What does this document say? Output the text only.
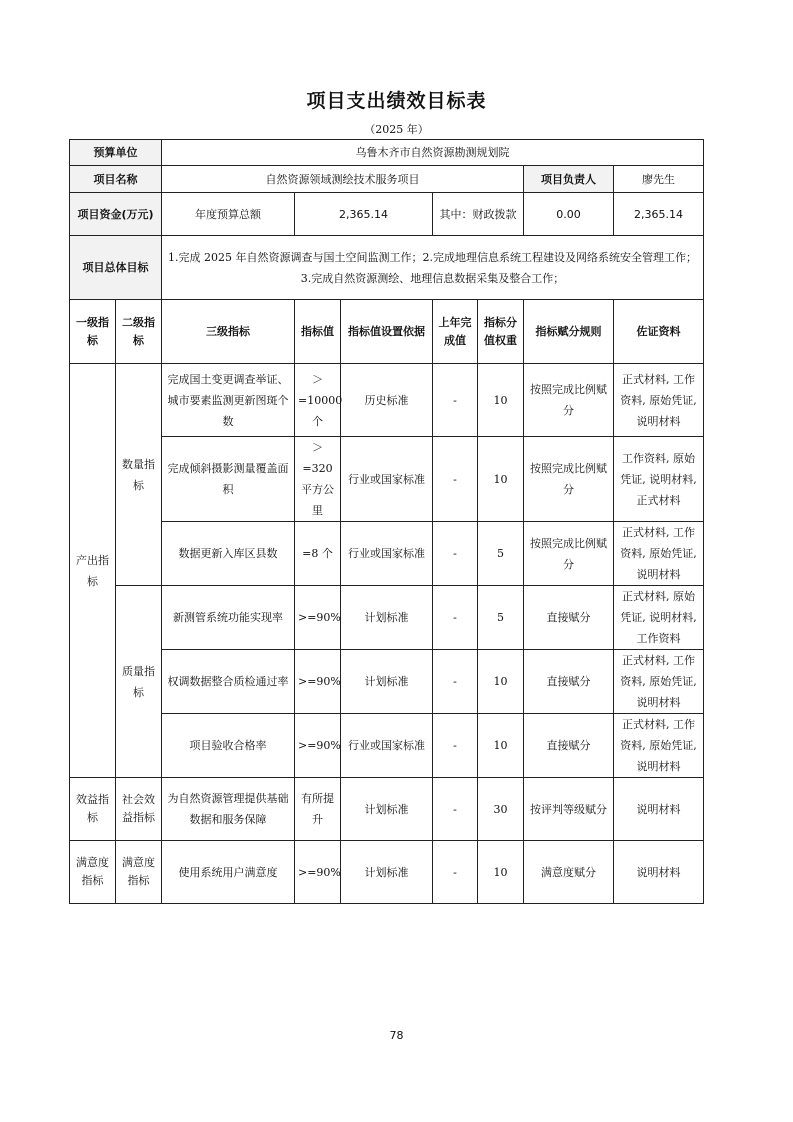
项目支出绩效目标表
（2025 年）
预算单位		乌鲁木齐市自然资源勘测规划院						
项目名称		自然资源领域测绘技术服务项目					项目负责人	廖先生
项目资金(万元)		年度预算总额	2,365.14		其中：财政拨款		0.00	2,365.14
项目总体目标		1.完成 2025 年自然资源调查与国土空间监测工作；2.完成地理信息系统工程建设及网络系统安全管理工作；3.完成自然资源测绘、地理信息数据采集及整合工作；						
一级指标	二级指标	三级指标	指标值	指标值设置依据	上年完成值	指标分值权重	指标赋分规则	佐证资料
产出指标	数量指标	完成国土变更调查举证、城市要素监测更新图斑个数	＞=10000 个	历史标准	-	10	按照完成比例赋分	正式材料, 工作资料, 原始凭证, 说明材料
		完成倾斜摄影测量覆盖面积	＞=320 平方公里	行业或国家标准	-	10	按照完成比例赋分	工作资料, 原始凭证, 说明材料, 正式材料
		数据更新入库区县数	=8 个	行业或国家标准	-	5	按照完成比例赋分	正式材料, 工作资料, 原始凭证, 说明材料
	质量指标	新测管系统功能实现率	>=90%	计划标准	-	5	直接赋分	正式材料, 原始凭证, 说明材料, 工作资料
		权调数据整合质检通过率	>=90%	计划标准	-	10	直接赋分	正式材料, 工作资料, 原始凭证, 说明材料
		项目验收合格率	>=90%	行业或国家标准	-	10	直接赋分	正式材料, 工作资料, 原始凭证, 说明材料
效益指标	社会效益指标	为自然资源管理提供基础数据和服务保障	有所提升	计划标准	-	30	按评判等级赋分	说明材料
满意度指标	满意度指标	使用系统用户满意度	>=90%	计划标准	-	10	满意度赋分	说明材料
78
